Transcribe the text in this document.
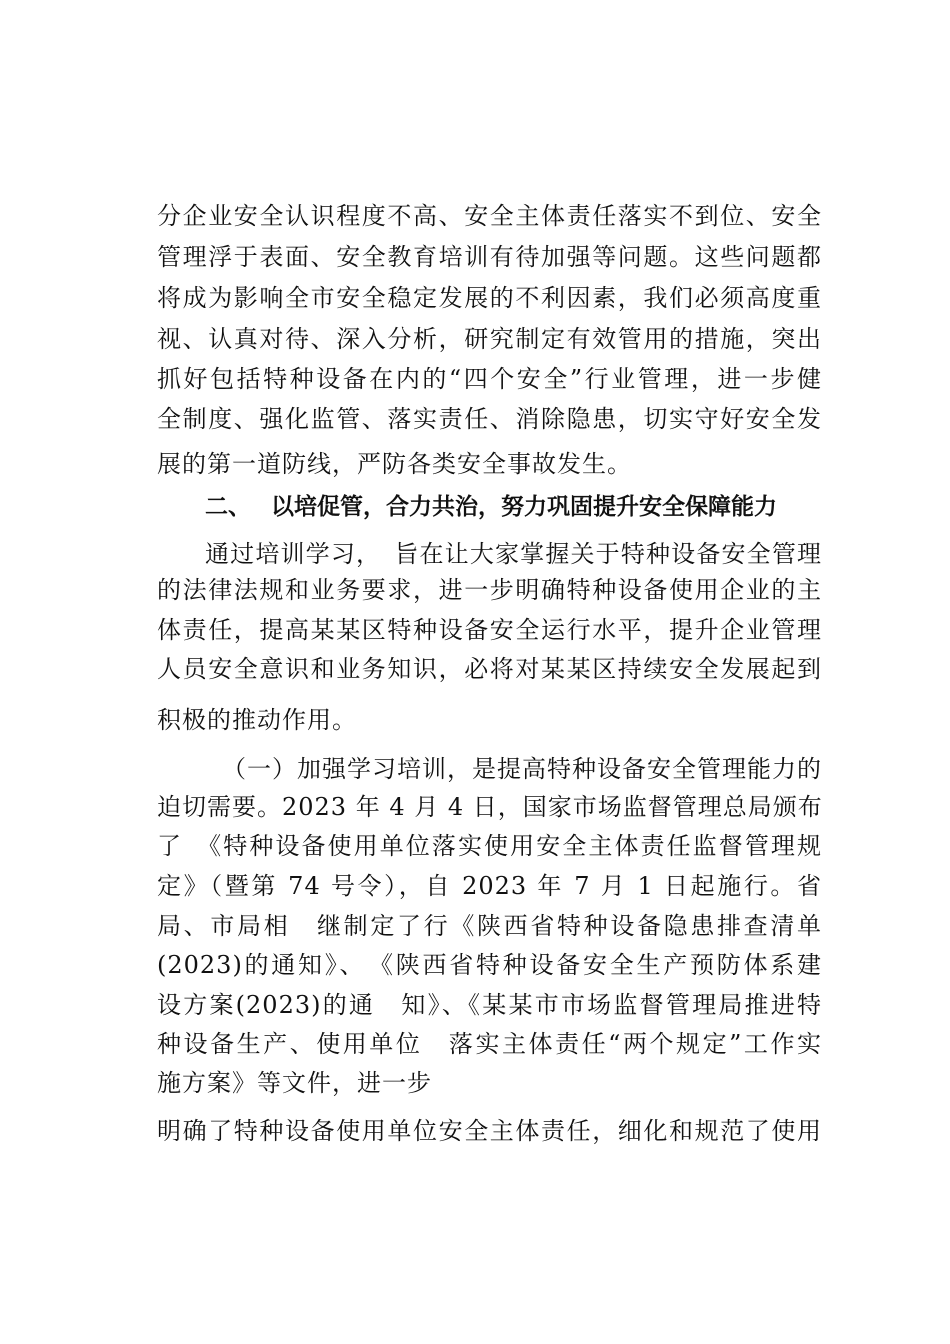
分企业安全认识程度不高、安全主体责任落实不到位、安全
管理浮于表面、安全教育培训有待加强等问题。这些问题都
将成为影响全市安全稳定发展的不利因素，我们必须高度重
视、认真对待、深入分析，研究制定有效管用的措施，突出
抓好包括特种设备在内的“四个安全”行业管理，进一步健
全制度、强化监管、落实责任、消除隐患，切实守好安全发
展的第一道防线，严防各类安全事故发生。
二、 以培促管，合力共治，努力巩固提升安全保障能力
通过培训学习，　旨在让大家掌握关于特种设备安全管理
的法律法规和业务要求，进一步明确特种设备使用企业的主
体责任，提高某某区特种设备安全运行水平，提升企业管理
人员安全意识和业务知识，必将对某某区持续安全发展起到
积极的推动作用。
（一）加强学习培训，是提高特种设备安全管理能力的
迫切需要。2023 年 4 月 4 日，国家市场监督管理总局颁布
了　《特种设备使用单位落实使用安全主体责任监督管理规
定》（暨第 74 号令），自 2023 年 7 月 1 日起施行。省
局、市局相　继制定了行《陕西省特种设备隐患排查清单
(2023)的通知》、　《陕西省特种设备安全生产预防体系建
设方案(2023)的通　知》、《某某市市场监督管理局推进特
种设备生产、使用单位　落实主体责任“两个规定”工作实
施方案》等文件，进一步
明确了特种设备使用单位安全主体责任，细化和规范了使用
